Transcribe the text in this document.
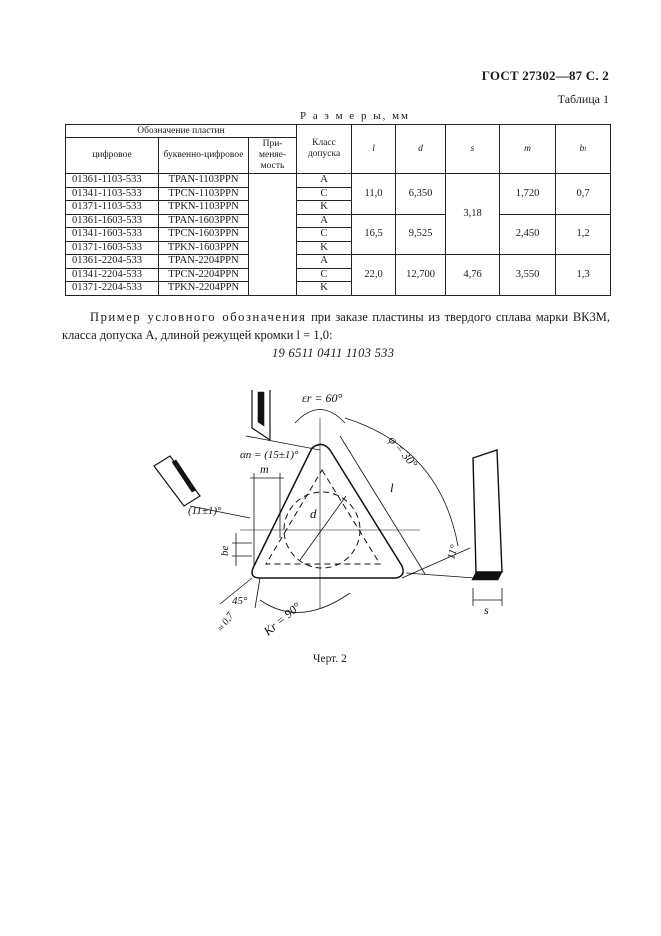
ГОСТ 27302—87 С. 2
Таблица 1
Р а з м е р ы, мм
Обозначение пластин			Класс допуска	l	d	s	m	bₗ
цифровое	буквенно-цифровое	При-меняе-мость						
01361-1103-533	TPAN-1103PPN		A	11,0	6,350	3,18	1,720	0,7
01341-1103-533	TPCN-1103PPN		C					
01371-1103-533	TPKN-1103PPN		K					
01361-1603-533	TPAN-1603PPN		A	16,5	9,525		2,450	1,2
01341-1603-533	TPCN-1603PPN		C					
01371-1603-533	TPKN-1603PPN		K					
01361-2204-533	TPAN-2204PPN		A	22,0	12,700	4,76	3,550	1,3
01341-2204-533	TPCN-2204PPN		C					
01371-2204-533	TPKN-2204PPN		K					
Пример условного обозначения при заказе пластины из твердого сплава марки ВК3М, класса допуска А, длиной режущей кромки l = 1,0:
19 6511 0411 1103 533
εr = 60°
φ = 30°
αn = (15±1)°
(11±1)°
m
d
l
be
≈ 0,7
45° Kr = 90°
11°
s
Черт. 2
